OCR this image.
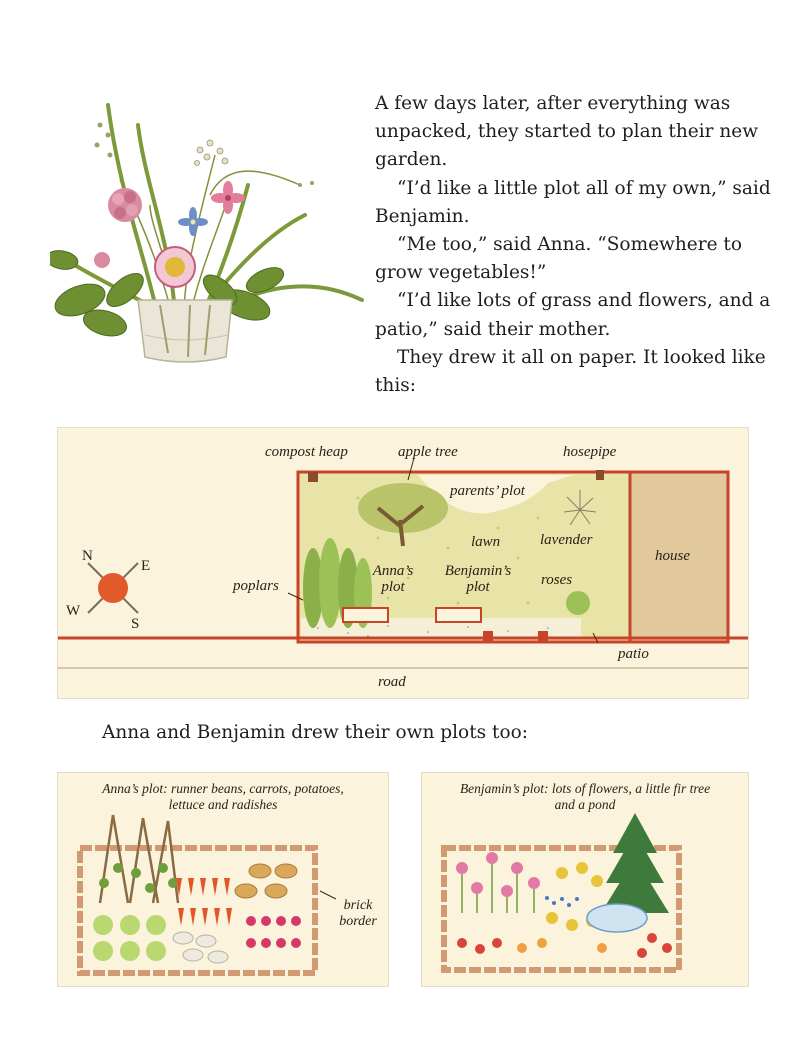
A few days later, after everything was unpacked, they started to plan their new garden.

“I’d like a little plot all of my own,” said Benjamin.

“Me too,” said Anna. “Somewhere to grow vegetables!”

“I’d like lots of grass and flowers, and a patio,” said their mother.

They drew it all on paper. It looked like this:

compost heap	apple tree	hosepipe
parents’ plot
lawn	lavender
house
poplars
Anna’s
plot
Benjamin’s
plot	roses
patio
road
N
E
W
S
Anna and Benjamin drew their own plots too:
Anna’s plot: runner beans, carrots, potatoes,
lettuce and radishes
brick
border
Benjamin’s plot: lots of flowers, a little fir tree
and a pond
